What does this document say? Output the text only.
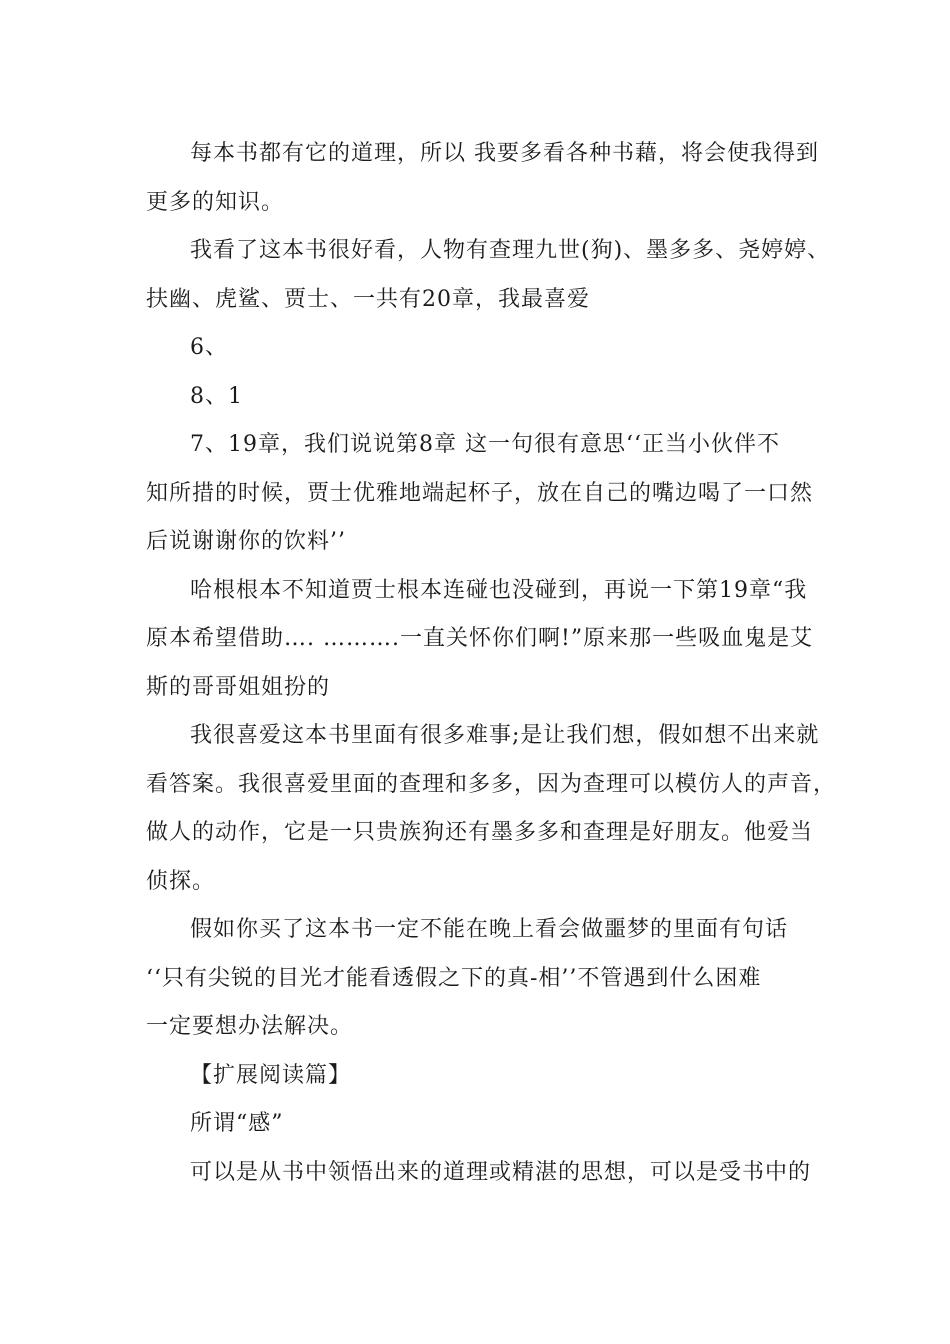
每本书都有它的道理，所以 我要多看各种书藉，将会使我得到
更多的知识。
我看了这本书很好看，人物有查理九世(狗)、墨多多、尧婷婷、
扶幽、虎鲨、贾士、一共有20章，我最喜爱
6、
8、1
7、19章，我们说说第8章 这一句很有意思‘‘正当小伙伴不
知所措的时候，贾士优雅地端起杯子，放在自己的嘴边喝了一口然
后说谢谢你的饮料’’
哈根根本不知道贾士根本连碰也没碰到，再说一下第19章“我
原本希望借助…. ……….一直关怀你们啊!”原来那一些吸血鬼是艾
斯的哥哥姐姐扮的
我很喜爱这本书里面有很多难事;是让我们想，假如想不出来就
看答案。我很喜爱里面的查理和多多，因为查理可以模仿人的声音，
做人的动作，它是一只贵族狗还有墨多多和查理是好朋友。他爱当
侦探。
假如你买了这本书一定不能在晚上看会做噩梦的里面有句话
‘‘只有尖锐的目光才能看透假之下的真-相’’不管遇到什么困难
一定要想办法解决。
【扩展阅读篇】
所谓“感”
可以是从书中领悟出来的道理或精湛的思想，可以是受书中的
